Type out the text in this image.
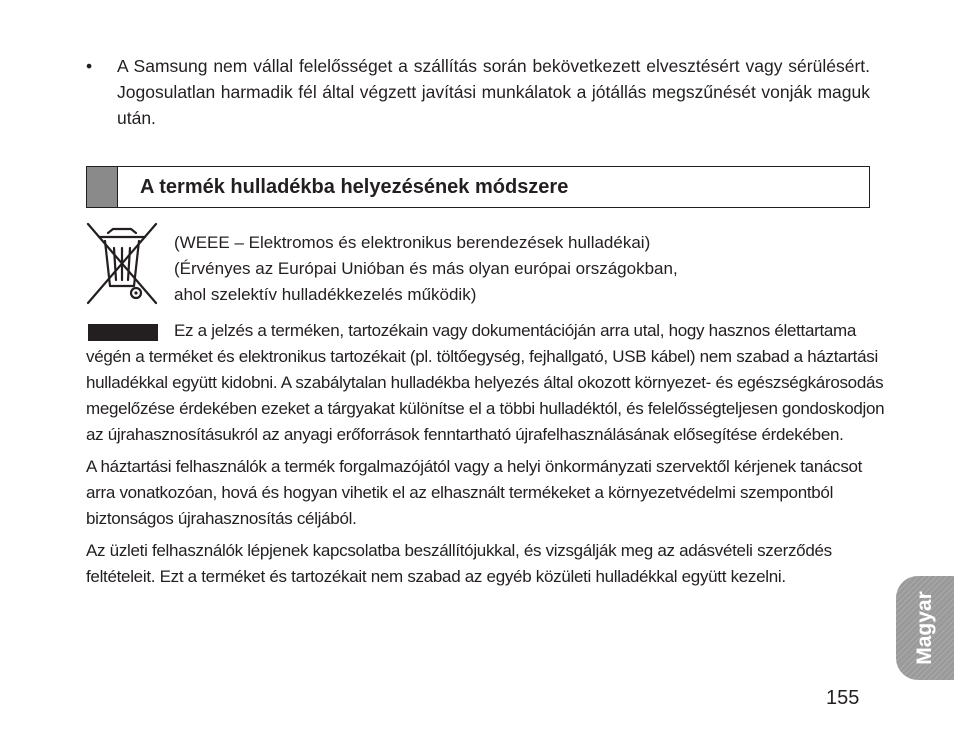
• A Samsung nem vállal felelősséget a szállítás során bekövetkezett elvesztésért vagy sérülésért. Jogosulatlan harmadik fél által végzett javítási munkálatok a jótállás megszűnését vonják maguk után.
A termék hulladékba helyezésének módszere
(WEEE – Elektromos és elektronikus berendezések hulladékai)
(Érvényes az Európai Unióban és más olyan európai országokban,
ahol szelektív hulladékkezelés működik)

Ez a jelzés a terméken, tartozékain vagy dokumentációján arra utal, hogy hasznos élettartama végén a terméket és elektronikus tartozékait (pl. töltőegység, fejhallgató, USB kábel) nem szabad a háztartási hulladékkal együtt kidobni. A szabálytalan hulladékba helyezés által okozott környezet- és egészségkárosodás megelőzése érdekében ezeket a tárgyakat különítse el a többi hulladéktól, és felelősségteljesen gondoskodjon az újrahasznosításukról az anyagi erőforrások fenntartható újrafelhasználásának elősegítése érdekében.

A háztartási felhasználók a termék forgalmazójától vagy a helyi önkormányzati szervektől kérjenek tanácsot arra vonatkozóan, hová és hogyan vihetik el az elhasznált termékeket a környezetvédelmi szempontból biztonságos újrahasznosítás céljából.

Az üzleti felhasználók lépjenek kapcsolatba beszállítójukkal, és vizsgálják meg az adásvételi szerződés feltételeit. Ezt a terméket és tartozékait nem szabad az egyéb közületi hulladékkal együtt kezelni.

Magyar
155
